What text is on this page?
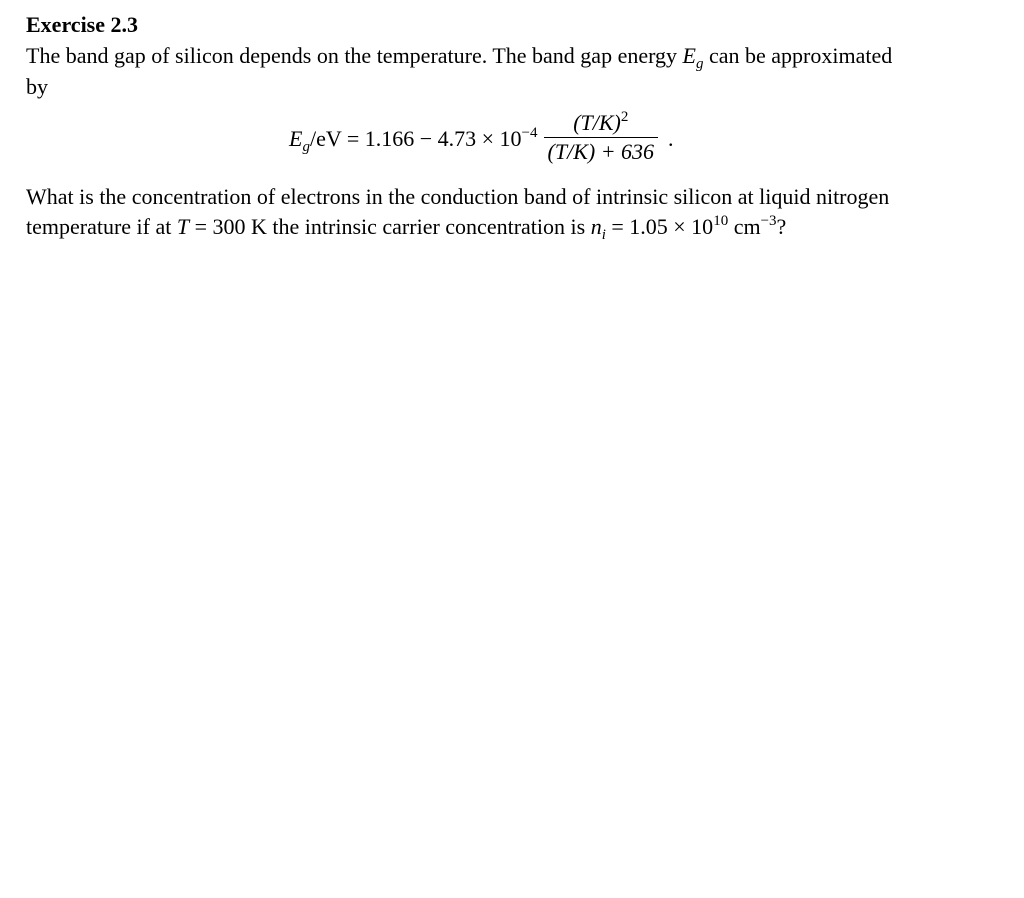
Exercise 2.3

The band gap of silicon depends on the temperature. The band gap energy $E_g$ can be approximated
by

$E_g/eV = 1.166 - 4.73 \times 10^{-4} \frac{(T/K)^2}{(T/K) + 636}$ .

What is the concentration of electrons in the conduction band of intrinsic silicon at liquid nitrogen
temperature if at T = 300 K the intrinsic carrier concentration is $n_i = 1.05 \times 10^{10}$ $cm^{-3}$?
